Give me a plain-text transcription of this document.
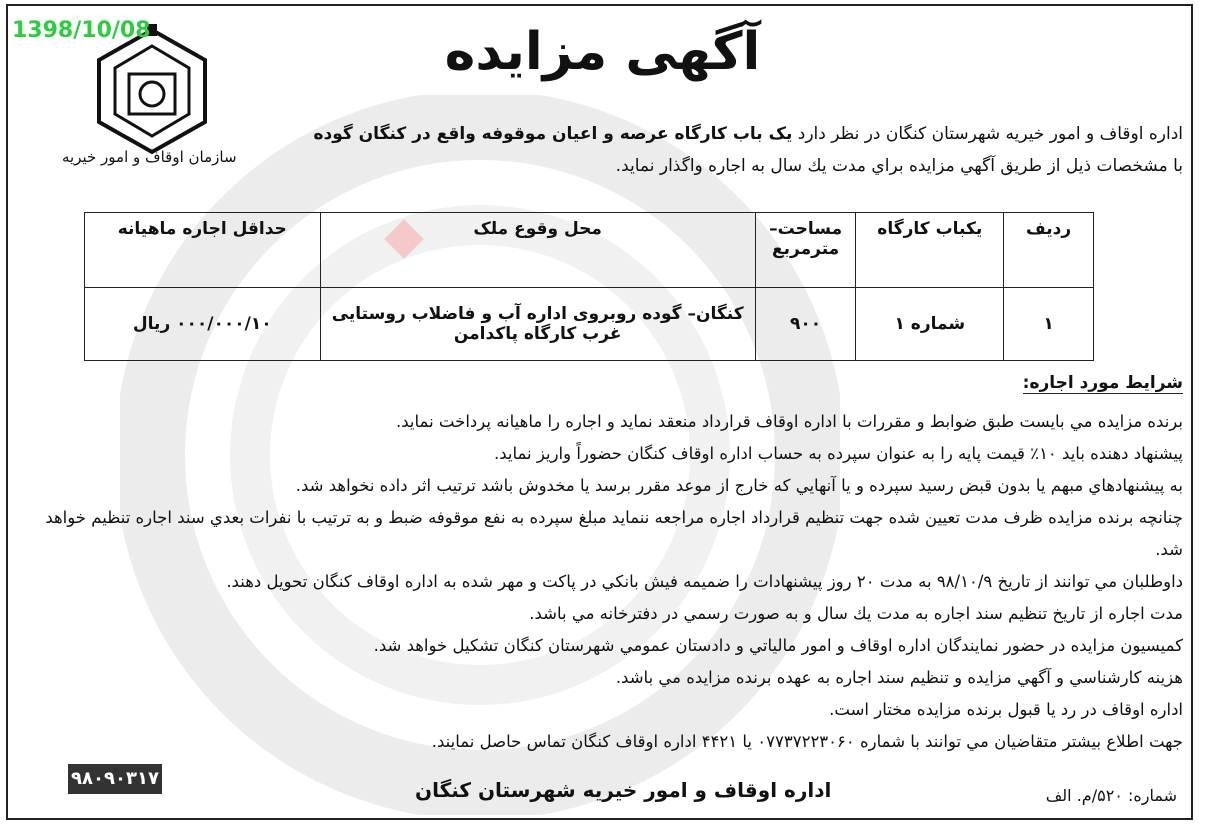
1398/10/08
سازمان اوقاف و امور خیریه
آگهی مزایده
اداره اوقاف و امور خیریه شهرستان کنگان در نظر دارد یک باب کارگاه عرصه و اعیان موقوفه واقع در کنگان گوده
با مشخصات ذیل از طریق آگهي مزایده براي مدت يك سال به اجاره واگذار نماید.
ردیف	یکباب کارگاه	مساحت– مترمربع	محل وقوع ملک	حداقل اجاره ماهیانه
۱	شماره ۱	۹۰۰	کنگان– گوده روبروی اداره آب و فاضلاب روستایی غرب کارگاه پاکدامن	۰۰۰/۰۰۰/۱۰ ریال
شرایط مورد اجاره:
برنده مزایده مي بایست طبق ضوابط و مقررات با اداره اوقاف قرارداد منعقد نماید و اجاره را ماهیانه پرداخت نماید.
پیشنهاد دهنده باید ۱۰٪ قیمت پایه را به عنوان سپرده به حساب اداره اوقاف کنگان حضوراً واریز نماید.
به پیشنهادهاي مبهم يا بدون قبض رسید سپرده و يا آنهایي كه خارج از موعد مقرر برسد يا مخدوش باشد ترتیب اثر داده نخواهد شد.
چنانچه برنده مزایده ظرف مدت تعیین شده جهت تنظیم قرارداد اجاره مراجعه ننماید مبلغ سپرده به نفع موقوفه ضبط و به ترتیب با نفرات بعدي سند اجاره تنظیم خواهد شد.
داوطلبان مي توانند از تاریخ ۹۸/۱۰/۹ به مدت ۲۰ روز پیشنهادات را ضمیمه فیش بانکي در پاکت و مهر شده به اداره اوقاف كنگان تحویل دهند.
مدت اجاره از تاریخ تنظیم سند اجاره به مدت يك سال و به صورت رسمي در دفترخانه مي باشد.
کمیسیون مزایده در حضور نمایندگان اداره اوقاف و امور مالیاتي و دادستان عمومي شهرستان کنگان تشكیل خواهد شد.
هزینه کارشناسي و آگهي مزایده و تنظیم سند اجاره به عهده برنده مزایده مي باشد.
اداره اوقاف در رد يا قبول برنده مزایده مختار است.
جهت اطلاع بیشتر متقاضیان مي توانند با شماره ۰۷۷۳۷۲۲۳۰۶۰ یا ۴۴۲۱ اداره اوقاف كنگان تماس حاصل نمایند.
۹۸۰۹۰۳۱۷	اداره اوقاف و امور خیریه شهرستان کنگان	شماره: ۵۲۰/م. الف
